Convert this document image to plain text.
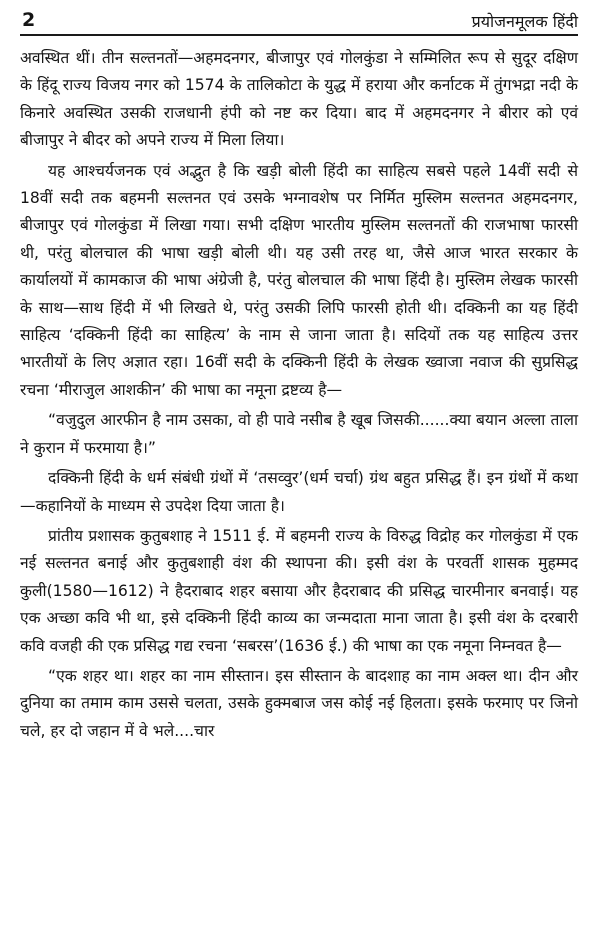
2	प्रयोजनमूलक हिंदी

अवस्थित थीं। तीन सल्तनतों—अहमदनगर, बीजापुर एवं गोलकुंडा ने सम्मिलित रूप से सुदूर दक्षिण के हिंदू राज्य विजय नगर को 1574 के तालिकोटा के युद्ध में हराया और कर्नाटक में तुंगभद्रा नदी के किनारे अवस्थित उसकी राजधानी हंपी को नष्ट कर दिया। बाद में अहमदनगर ने बीरार को एवं बीजापुर ने बीदर को अपने राज्य में मिला लिया।

यह आश्चर्यजनक एवं अद्भुत है कि खड़ी बोली हिंदी का साहित्य सबसे पहले 14वीं सदी से 18वीं सदी तक बहमनी सल्तनत एवं उसके भग्नावशेष पर निर्मित मुस्लिम सल्तनत अहमदनगर, बीजापुर एवं गोलकुंडा में लिखा गया। सभी दक्षिण भारतीय मुस्लिम सल्तनतों की राजभाषा फारसी थी, परंतु बोलचाल की भाषा खड़ी बोली थी। यह उसी तरह था, जैसे आज भारत सरकार के कार्यालयों में कामकाज की भाषा अंग्रेजी है, परंतु बोलचाल की भाषा हिंदी है। मुस्लिम लेखक फारसी के साथ—साथ हिंदी में भी लिखते थे, परंतु उसकी लिपि फारसी होती थी। दक्किनी का यह हिंदी साहित्य ‘दक्किनी हिंदी का साहित्य’ के नाम से जाना जाता है। सदियों तक यह साहित्य उत्तर भारतीयों के लिए अज्ञात रहा। 16वीं सदी के दक्किनी हिंदी के लेखक ख्वाजा नवाज की सुप्रसिद्ध रचना ‘मीराजुल आशकीन’ की भाषा का नमूना द्रष्टव्य है—

“वजुदुल आरफीन है नाम उसका, वो ही पावे नसीब है खूब जिसकी......क्या बयान अल्ला ताला ने कुरान में फरमाया है।”

दक्किनी हिंदी के धर्म संबंधी ग्रंथों में ‘तसव्वुर’(धर्म चर्चा) ग्रंथ बहुत प्रसिद्ध हैं। इन ग्रंथों में कथा—कहानियों के माध्यम से उपदेश दिया जाता है।

प्रांतीय प्रशासक कुतुबशाह ने 1511 ई. में बहमनी राज्य के विरुद्ध विद्रोह कर गोलकुंडा में एक नई सल्तनत बनाई और कुतुबशाही वंश की स्थापना की। इसी वंश के परवर्ती शासक मुहम्मद कुली(1580—1612) ने हैदराबाद शहर बसाया और हैदराबाद की प्रसिद्ध चारमीनार बनवाई। यह एक अच्छा कवि भी था, इसे दक्किनी हिंदी काव्य का जन्मदाता माना जाता है। इसी वंश के दरबारी कवि वजही की एक प्रसिद्ध गद्य रचना ‘सबरस’(1636 ई.) की भाषा का एक नमूना निम्नवत है—

“एक शहर था। शहर का नाम सीस्तान। इस सीस्तान के बादशाह का नाम अक्ल था। दीन और दुनिया का तमाम काम उससे चलता, उसके हुक्मबाज जस कोई नई हिलता। इसके फरमाए पर जिनो चले, हर दो जहान में वे भले....चार
